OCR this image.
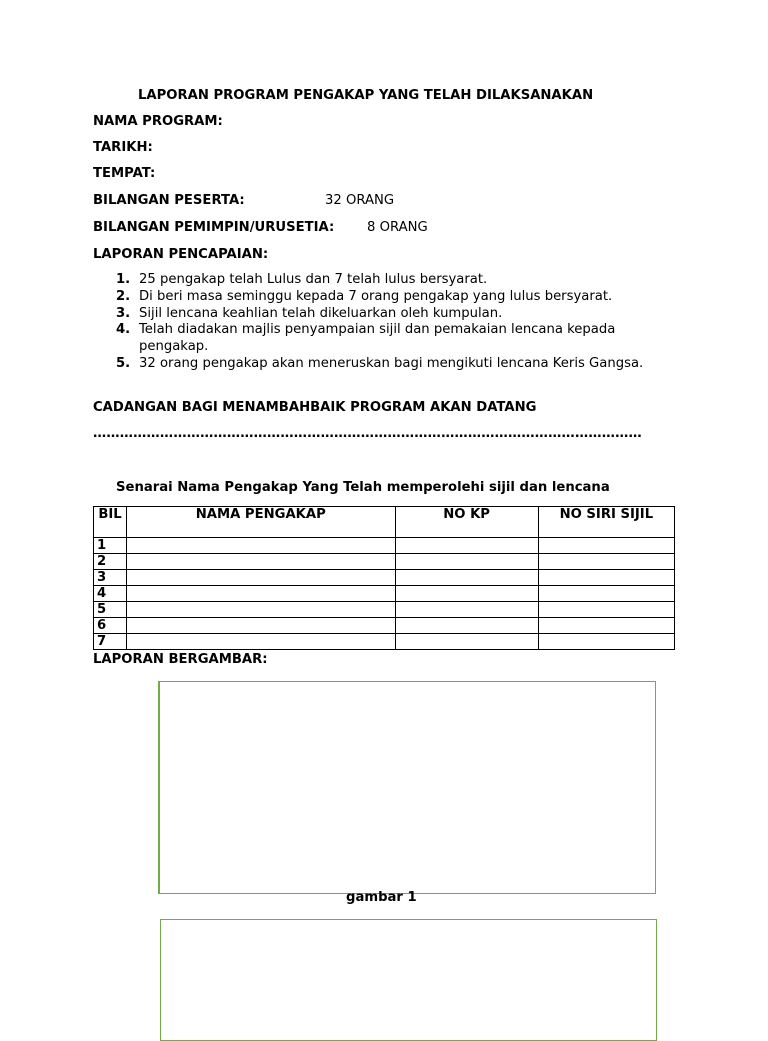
LAPORAN PROGRAM PENGAKAP YANG TELAH DILAKSANAKAN
NAMA PROGRAM:
TARIKH:
TEMPAT:
BILANGAN PESERTA:	32 ORANG
BILANGAN PEMIMPIN/URUSETIA: 8 ORANG
LAPORAN PENCAPAIAN:
1. 25 pengakap telah Lulus dan 7 telah lulus bersyarat.
2. Di beri masa seminggu kepada 7 orang pengakap yang lulus bersyarat.
3. Sijil lencana keahlian telah dikeluarkan oleh kumpulan.
4. Telah diadakan majlis penyampaian sijil dan pemakaian lencana kepada pengakap.
5. 32 orang pengakap akan meneruskan bagi mengikuti lencana Keris Gangsa.
CADANGAN BAGI MENAMBAHBAIK PROGRAM AKAN DATANG
……………………………………………………………………………………………………………
Senarai Nama Pengakap Yang Telah memperolehi sijil dan lencana
BIL	NAMA PENGAKAP	NO KP	NO SIRI SIJIL
1			
2			
3			
4			
5			
6			
7			
LAPORAN BERGAMBAR:
gambar 1
